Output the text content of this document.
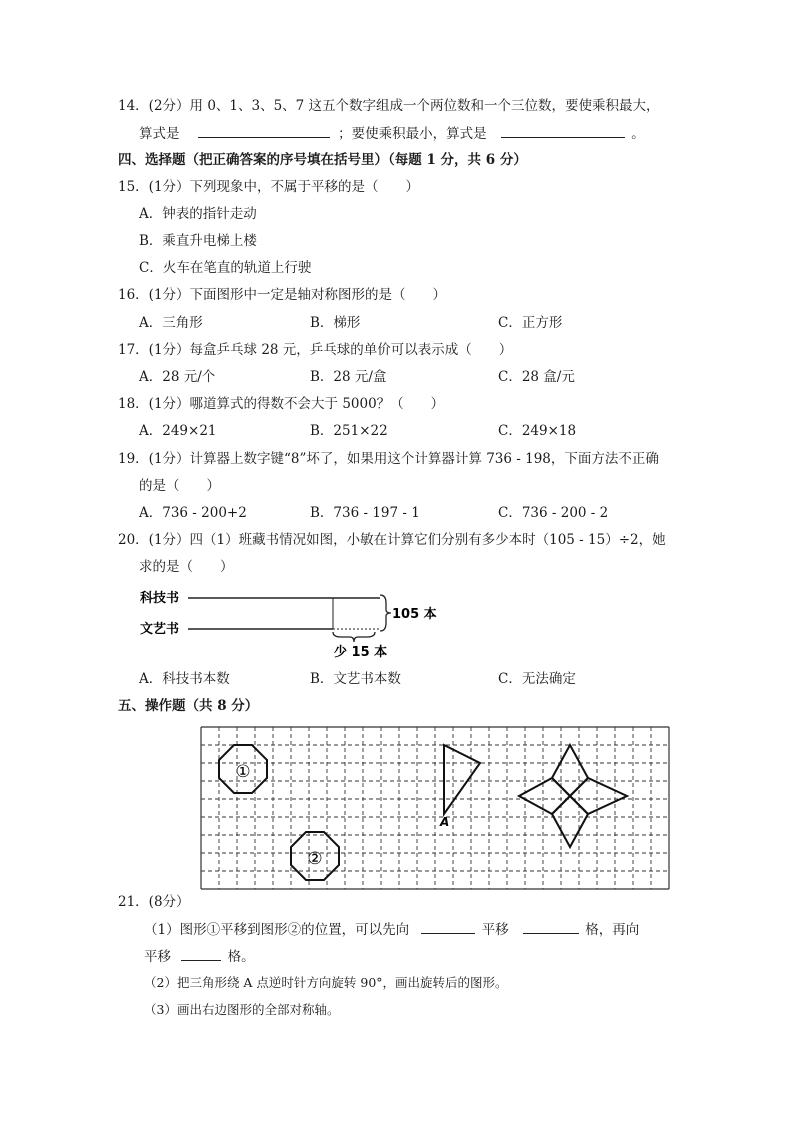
14．(2分）用 0、1、3、5、7 这五个数字组成一个两位数和一个三位数，要使乘积最大，
算式是	；要使乘积最小，算式是	。
四、选择题（把正确答案的序号填在括号里）（每题 1 分，共 6 分）
15．(1分）下列现象中，不属于平移的是（　　）
A．钟表的指针走动
B．乘直升电梯上楼
C．火车在笔直的轨道上行驶
16．(1分）下面图形中一定是轴对称图形的是（　　）
A．三角形	B．梯形	C．正方形
17．(1分）每盒乒乓球 28 元，乒乓球的单价可以表示成（　　）
A．28 元/个	B．28 元/盒	C．28 盒/元
18．(1分）哪道算式的得数不会大于 5000？（　　）
A．249×21	B．251×22	C．249×18
19．(1分）计算器上数字键“8”坏了，如果用这个计算器计算 736 - 198，下面方法不正确
的是（　　）
A．736 - 200+2	B．736 - 197 - 1	C．736 - 200 - 2
20．(1分）四（1）班藏书情况如图，小敏在计算它们分别有多少本时（105 - 15）÷2，她
求的是（　　）
科技书
文艺书
105 本
少 15 本
A．科技书本数	B．文艺书本数	C．无法确定
五、操作题（共 8 分）
①
②
A
21．(8分）
（1）图形①平移到图形②的位置，可以先向	平移	格，再向
平移	格。
（2）把三角形绕 A 点逆时针方向旋转 90°，画出旋转后的图形。
（3）画出右边图形的全部对称轴。
